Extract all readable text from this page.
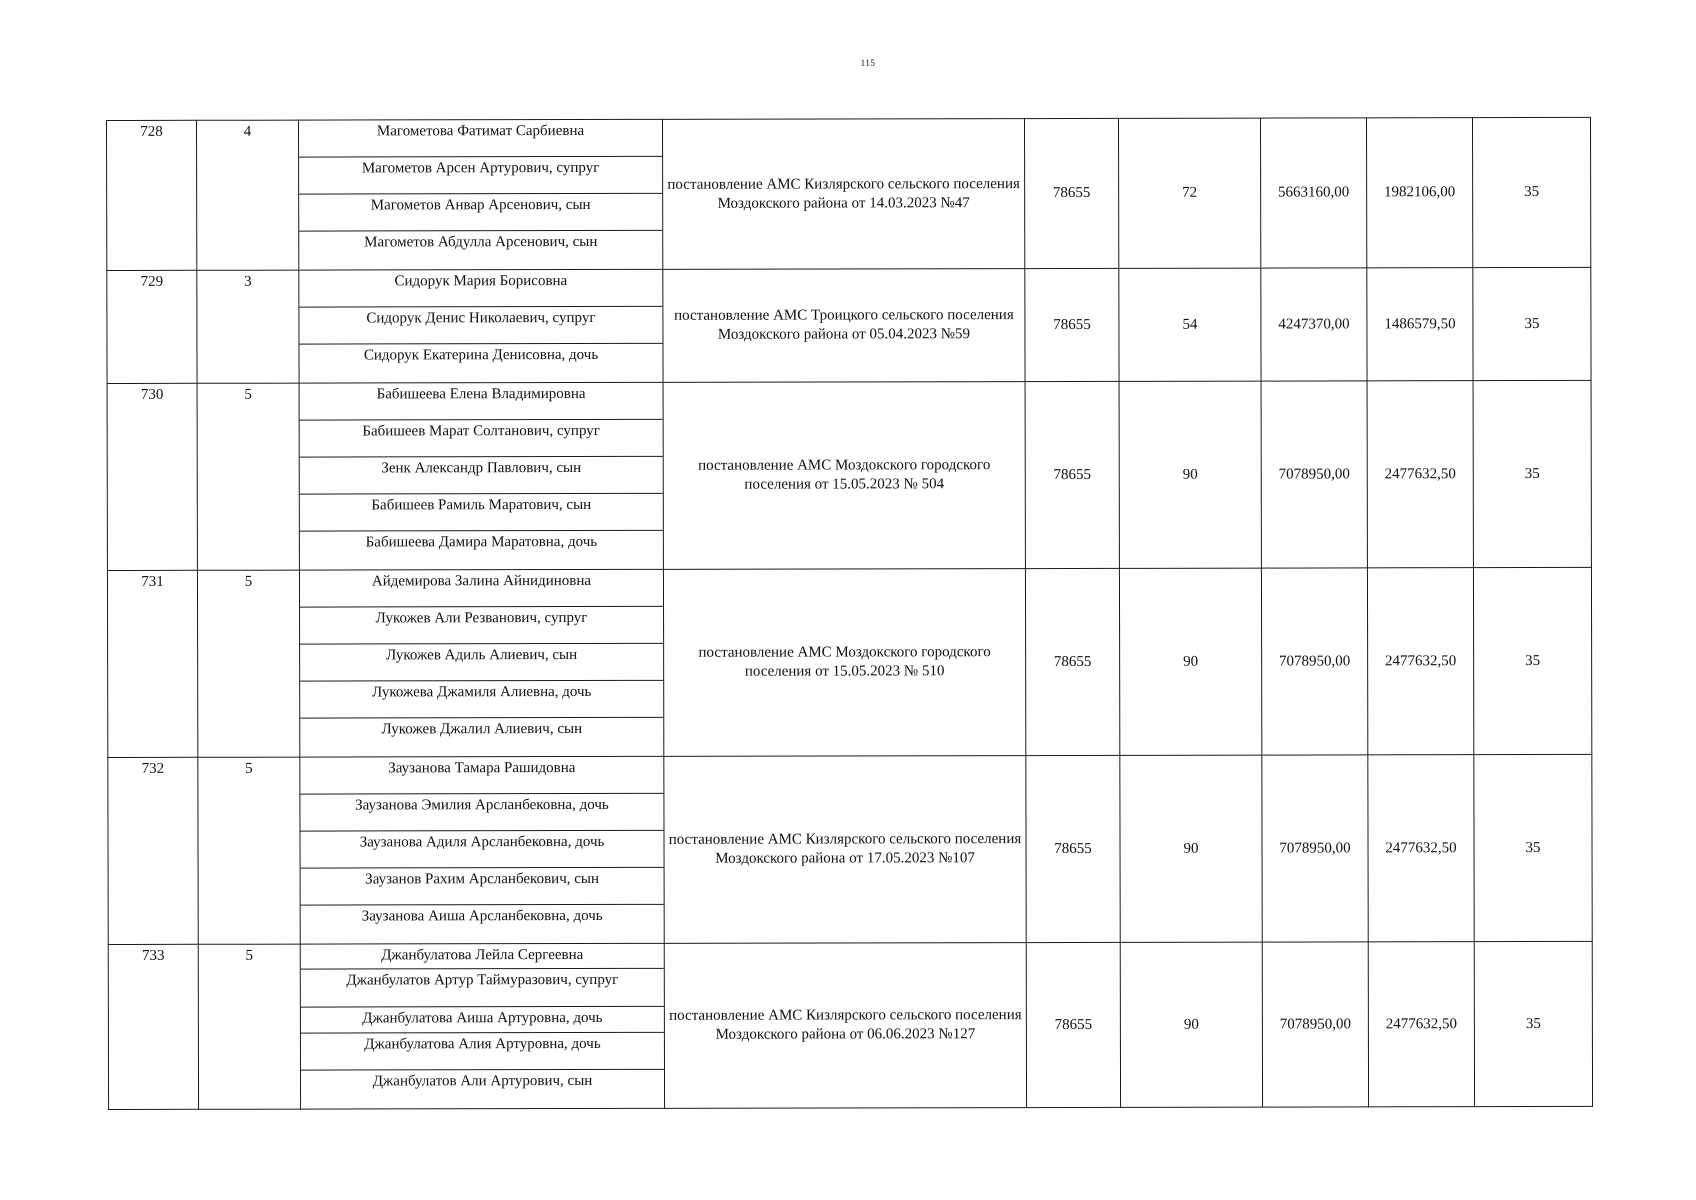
115
728	4	Магометова Фатимат Сарбиевна
Магометов Арсен Артурович, супруг
Магометов Анвар Арсенович, сын
Магометов Абдулла Арсенович, сын	постановление АМС Кизлярского сельского поселения Моздокского района от 14.03.2023 №47	78655	72	5663160,00	1982106,00	35
729	3	Сидорук Мария Борисовна
Сидорук Денис Николаевич, супруг
Сидорук Екатерина Денисовна, дочь	постановление АМС Троицкого сельского поселения Моздокского района от 05.04.2023 №59	78655	54	4247370,00	1486579,50	35
730	5	Бабишеева Елена Владимировна
Бабишеев Марат Солтанович, супруг
Зенк Александр Павлович, сын
Бабишеев Рамиль Маратович, сын
Бабишеева Дамира Маратовна, дочь	постановление АМС Моздокского городского поселения от 15.05.2023 № 504	78655	90	7078950,00	2477632,50	35
731	5	Айдемирова Залина Айнидиновна
Лукожев Али Резванович, супруг
Лукожев Адиль Алиевич, сын
Лукожева Джамиля Алиевна, дочь
Лукожев Джалил Алиевич, сын	постановление АМС Моздокского городского поселения от 15.05.2023 № 510	78655	90	7078950,00	2477632,50	35
732	5	Заузанова Тамара Рашидовна
Заузанова Эмилия Арсланбековна, дочь
Заузанова Адиля Арсланбековна, дочь
Заузанов Рахим Арсланбекович, сын
Заузанова Аиша Арсланбековна, дочь	постановление АМС Кизлярского сельского поселения Моздокского района от 17.05.2023 №107	78655	90	7078950,00	2477632,50	35
733	5	Джанбулатова Лейла Сергеевна
Джанбулатов Артур Таймуразович, супруг
Джанбулатова Аиша Артуровна, дочь
Джанбулатова Алия Артуровна, дочь
Джанбулатов Али Артурович, сын	постановление АМС Кизлярского сельского поселения Моздокского района от 06.06.2023 №127	78655	90	7078950,00	2477632,50	35
